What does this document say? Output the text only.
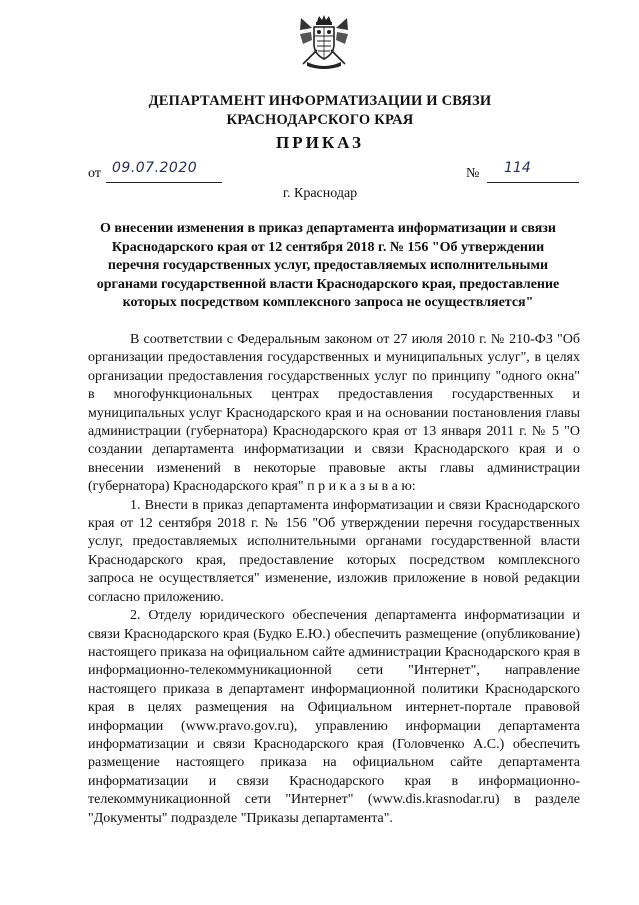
ДЕПАРТАМЕНТ ИНФОРМАТИЗАЦИИ И СВЯЗИ
КРАСНОДАРСКОГО КРАЯ
ПРИКАЗ
от 09.07.2020	№ 114
г. Краснодар
О внесении изменения в приказ департамента информатизации и связи Краснодарского края от 12 сентября 2018 г. № 156 "Об утверждении перечня государственных услуг, предоставляемых исполнительными органами государственной власти Краснодарского края, предоставление которых посредством комплексного запроса не осуществляется"

В соответствии с Федеральным законом от 27 июля 2010 г. № 210-ФЗ "Об организации предоставления государственных и муниципальных услуг", в целях организации предоставления государственных услуг по принципу "одного окна" в многофункциональных центрах предоставления государственных и муниципальных услуг Краснодарского края и на основании постановления главы администрации (губернатора) Краснодарского края от 13 января 2011 г. № 5 "О создании департамента информатизации и связи Краснодарского края и о внесении изменений в некоторые правовые акты главы администрации (губернатора) Краснодарского края" п р и к а з ы в а ю:

1. Внести в приказ департамента информатизации и связи Краснодарского края от 12 сентября 2018 г. № 156 "Об утверждении перечня государственных услуг, предоставляемых исполнительными органами государственной власти Краснодарского края, предоставление которых посредством комплексного запроса не осуществляется" изменение, изложив приложение в новой редакции согласно приложению.

2. Отделу юридического обеспечения департамента информатизации и связи Краснодарского края (Будко Е.Ю.) обеспечить размещение (опубликование) настоящего приказа на официальном сайте администрации Краснодарского края в информационно-телекоммуникационной сети "Интернет", направление настоящего приказа в департамент информационной политики Краснодарского края в целях размещения на Официальном интернет-портале правовой информации (www.pravo.gov.ru), управлению информации департамента информатизации и связи Краснодарского края (Головченко А.С.) обеспечить размещение настоящего приказа на официальном сайте департамента информатизации и связи Краснодарского края в информационно-телекоммуникационной сети "Интернет" (www.dis.krasnodar.ru) в разделе "Документы" подразделе "Приказы департамента".
